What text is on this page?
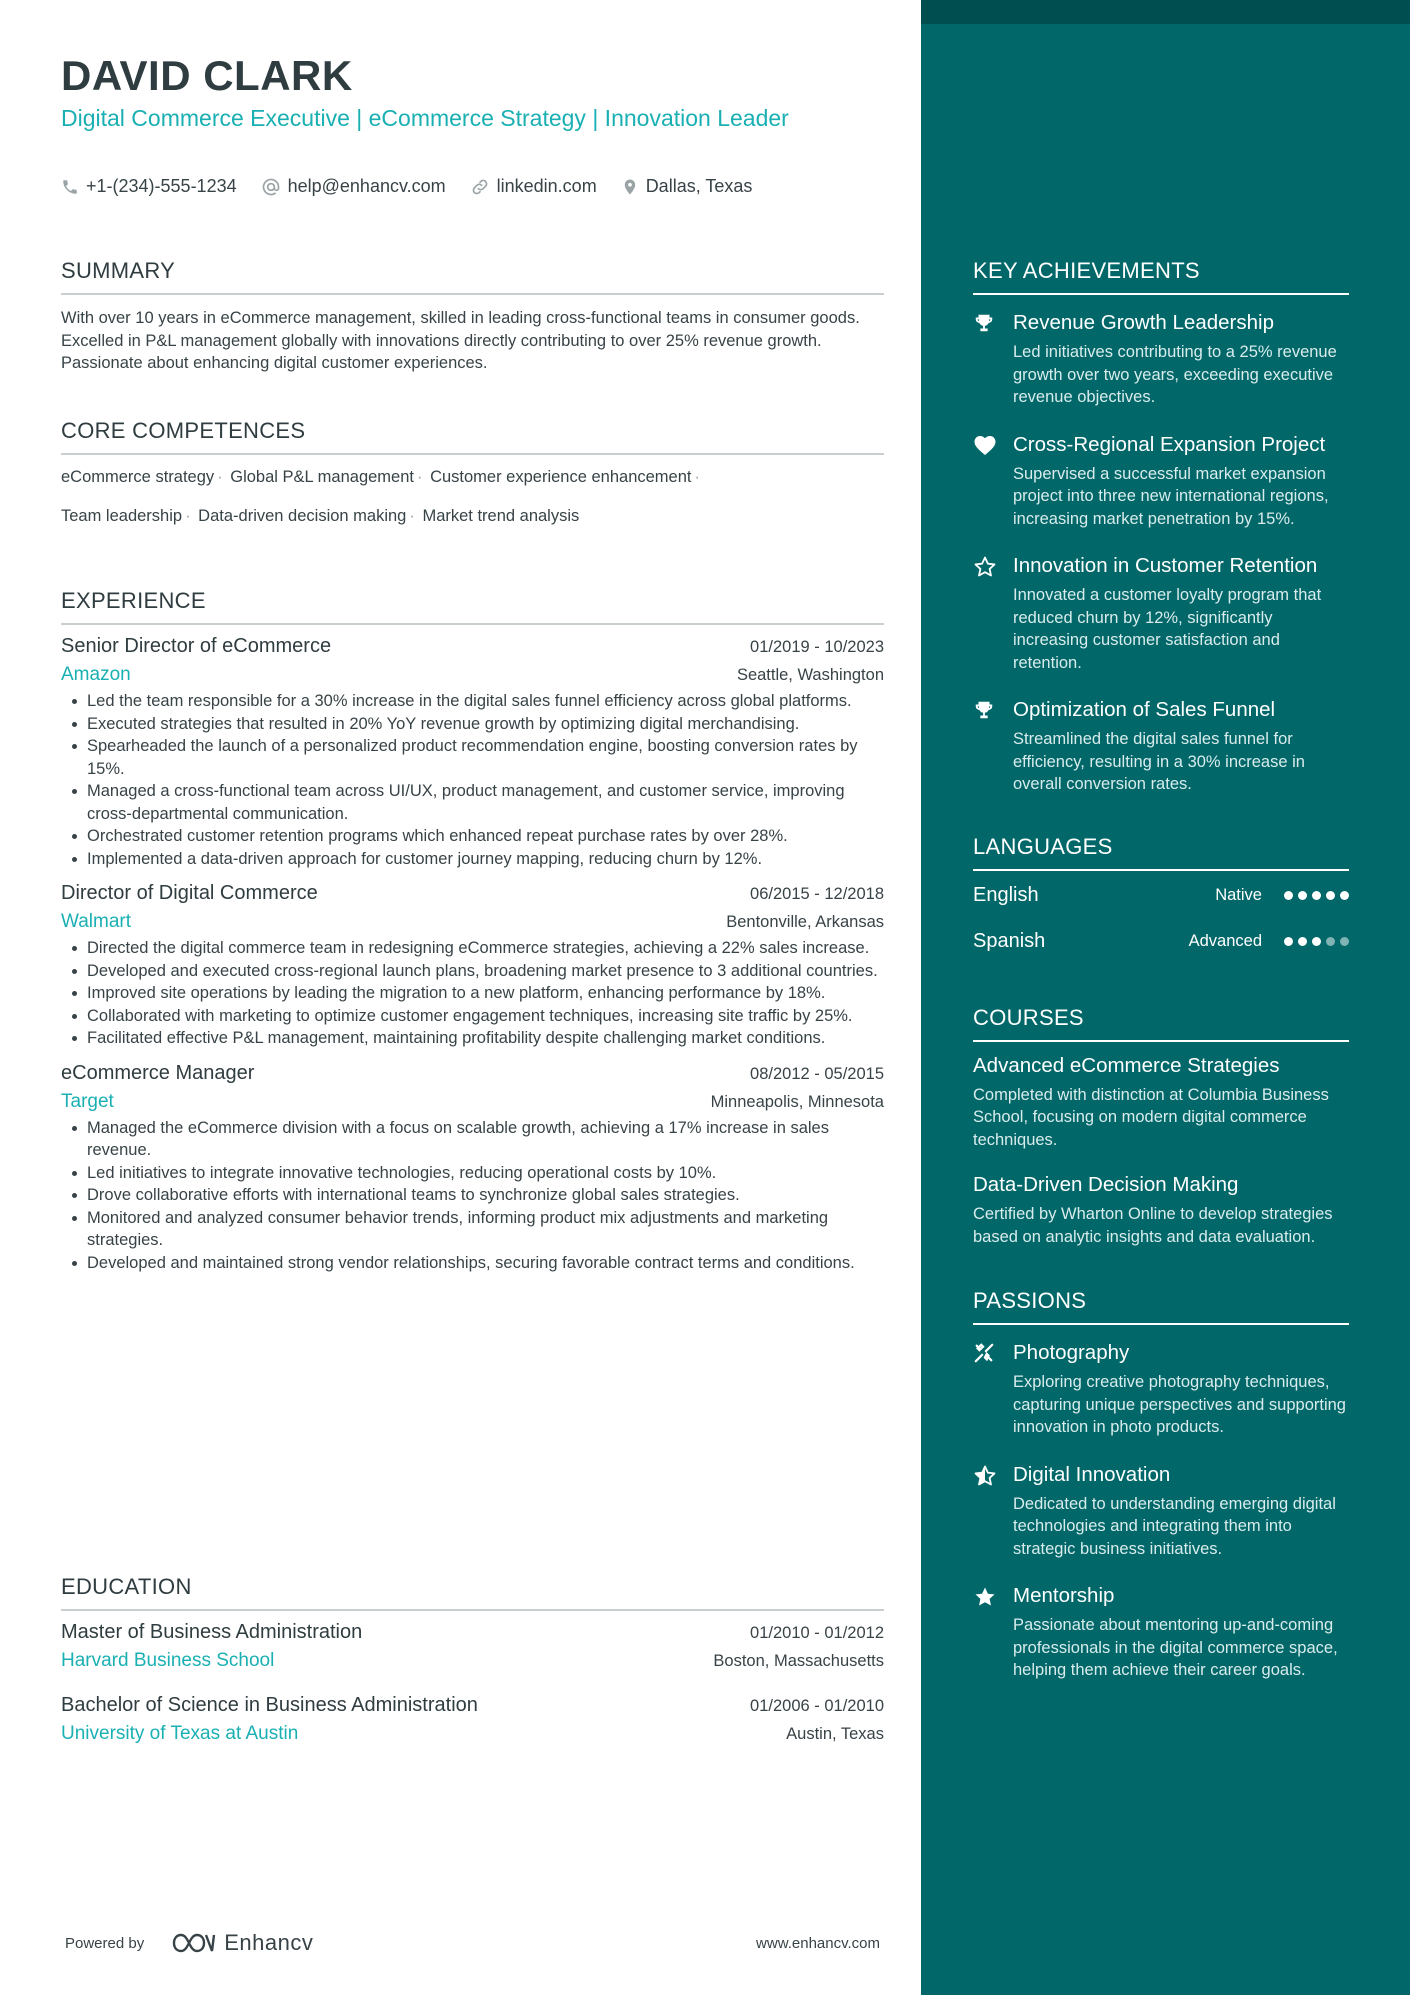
DAVID CLARK
Digital Commerce Executive | eCommerce Strategy | Innovation Leader
+1-(234)-555-1234	help@enhancv.com	linkedin.com	Dallas, Texas
SUMMARY
With over 10 years in eCommerce management, skilled in leading cross-functional teams in consumer goods. Excelled in P&L management globally with innovations directly contributing to over 25% revenue growth. Passionate about enhancing digital customer experiences.
CORE COMPETENCES
eCommerce strategy · Global P&L management · Customer experience enhancement ·
Team leadership · Data-driven decision making · Market trend analysis
EXPERIENCE
Senior Director of eCommerce	01/2019 - 10/2023
Amazon	Seattle, Washington
Led the team responsible for a 30% increase in the digital sales funnel efficiency across global platforms.
Executed strategies that resulted in 20% YoY revenue growth by optimizing digital merchandising.
Spearheaded the launch of a personalized product recommendation engine, boosting conversion rates by 15%.
Managed a cross-functional team across UI/UX, product management, and customer service, improving cross-departmental communication.
Orchestrated customer retention programs which enhanced repeat purchase rates by over 28%.
Implemented a data-driven approach for customer journey mapping, reducing churn by 12%.
Director of Digital Commerce	06/2015 - 12/2018
Walmart	Bentonville, Arkansas
Directed the digital commerce team in redesigning eCommerce strategies, achieving a 22% sales increase.
Developed and executed cross-regional launch plans, broadening market presence to 3 additional countries.
Improved site operations by leading the migration to a new platform, enhancing performance by 18%.
Collaborated with marketing to optimize customer engagement techniques, increasing site traffic by 25%.
Facilitated effective P&L management, maintaining profitability despite challenging market conditions.
eCommerce Manager	08/2012 - 05/2015
Target	Minneapolis, Minnesota
Managed the eCommerce division with a focus on scalable growth, achieving a 17% increase in sales revenue.
Led initiatives to integrate innovative technologies, reducing operational costs by 10%.
Drove collaborative efforts with international teams to synchronize global sales strategies.
Monitored and analyzed consumer behavior trends, informing product mix adjustments and marketing strategies.
Developed and maintained strong vendor relationships, securing favorable contract terms and conditions.
EDUCATION
Master of Business Administration	01/2010 - 01/2012
Harvard Business School	Boston, Massachusetts
Bachelor of Science in Business Administration	01/2006 - 01/2010
University of Texas at Austin	Austin, Texas
Powered by	Enhancv	www.enhancv.com
KEY ACHIEVEMENTS
Revenue Growth Leadership
Led initiatives contributing to a 25% revenue growth over two years, exceeding executive revenue objectives.
Cross-Regional Expansion Project
Supervised a successful market expansion project into three new international regions, increasing market penetration by 15%.
Innovation in Customer Retention
Innovated a customer loyalty program that reduced churn by 12%, significantly increasing customer satisfaction and retention.
Optimization of Sales Funnel
Streamlined the digital sales funnel for efficiency, resulting in a 30% increase in overall conversion rates.
LANGUAGES
English	Native
Spanish	Advanced
COURSES
Advanced eCommerce Strategies
Completed with distinction at Columbia Business School, focusing on modern digital commerce techniques.
Data-Driven Decision Making
Certified by Wharton Online to develop strategies based on analytic insights and data evaluation.
PASSIONS
Photography
Exploring creative photography techniques, capturing unique perspectives and supporting innovation in photo products.
Digital Innovation
Dedicated to understanding emerging digital technologies and integrating them into strategic business initiatives.
Mentorship
Passionate about mentoring up-and-coming professionals in the digital commerce space, helping them achieve their career goals.
